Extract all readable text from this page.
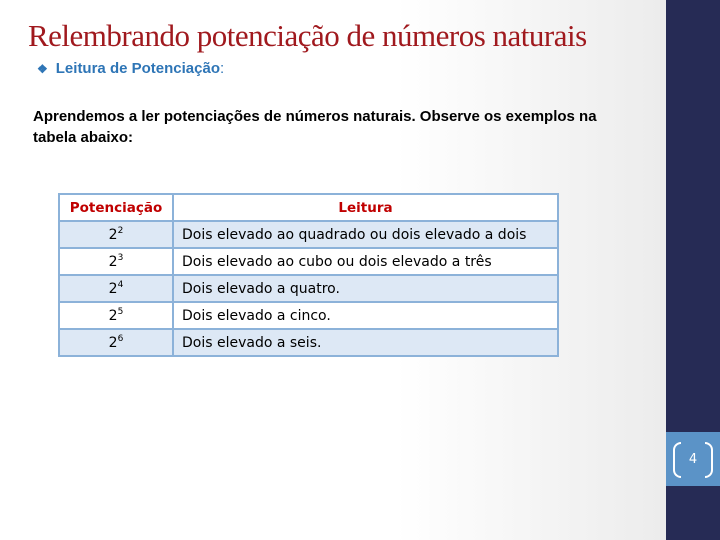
4
Relembrando potenciação de números naturais
❖ Leitura de Potenciação:
Aprendemos a ler potenciações de números naturais. Observe os exemplos na tabela abaixo:
Potenciação	Leitura
$2^2$	Dois elevado ao quadrado ou dois elevado a dois
$2^3$	Dois elevado ao cubo ou dois elevado a três
$2^4$	Dois elevado a quatro.
$2^5$	Dois elevado a cinco.
$2^6$	Dois elevado a seis.
